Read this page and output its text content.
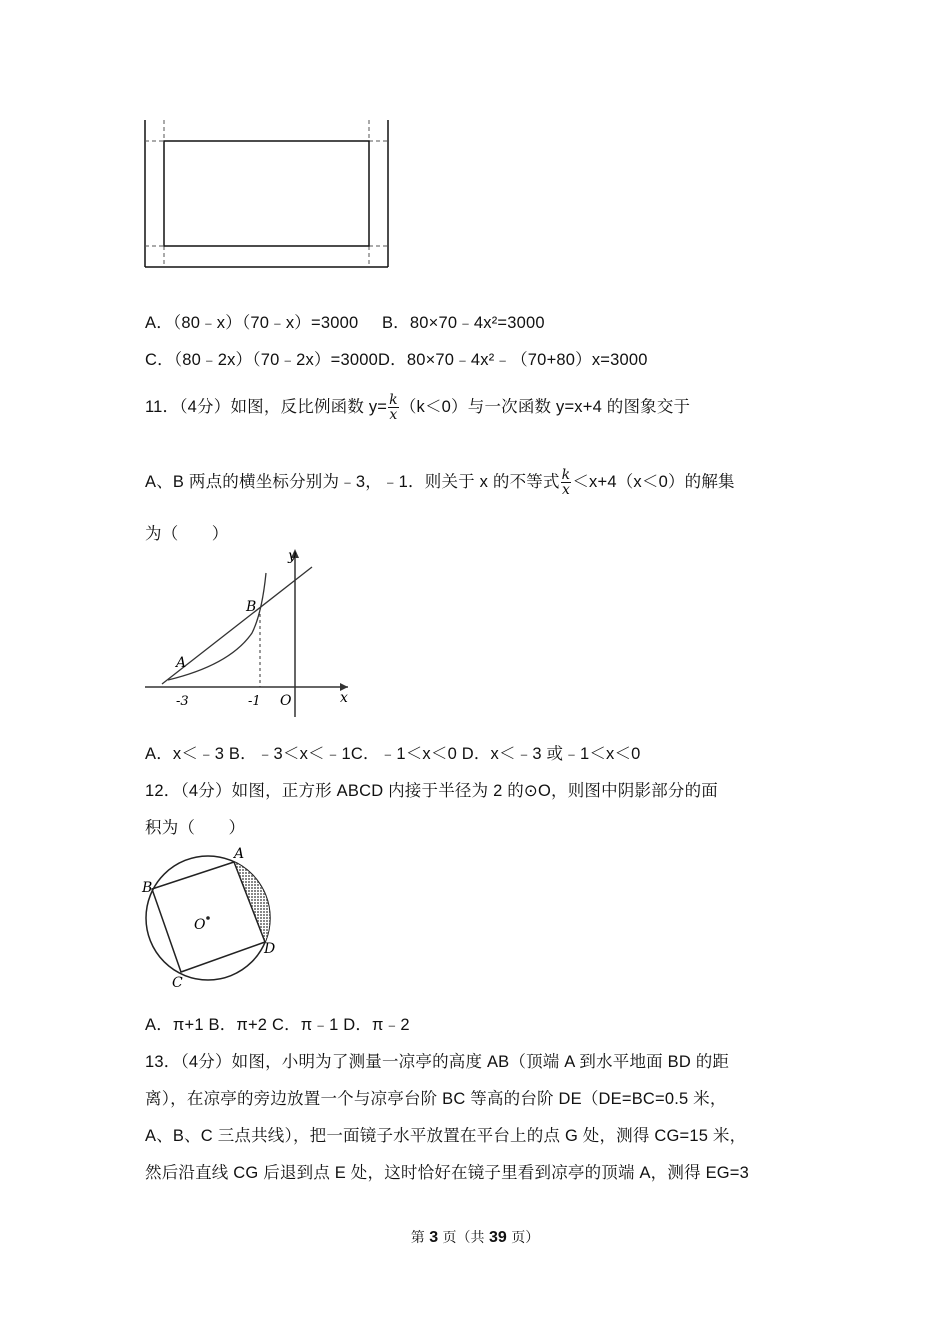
A．（80﹣x）（70﹣x）=3000 B．80×70﹣4x²=3000
C．（80﹣2x）（70﹣2x）=3000D．80×70﹣4x²﹣（70+80）x=3000
11．（4分）如图，反比例函数 $y= \frac{k}{x} (k<0)$与一次函数 y=x+4 的图象交于
A、B 两点的横坐标分别为﹣3，﹣1．则关于 x 的不等式 $\frac{k}{x} <x+4(x<0)$的解集
为（　　）
y
x
O
A
B
-3	-1
A．x＜﹣3 B．﹣3＜x＜﹣1C．﹣1＜x＜0 D．x＜﹣3 或﹣1＜x＜0
12．（4分）如图，正方形 ABCD 内接于半径为 2 的⊙O，则图中阴影部分的面
积为（　　）
A
B
C
D
O
A．π+1 B．π+2 C．π﹣1 D．π﹣2
13．（4分）如图，小明为了测量一凉亭的高度 AB（顶端 A 到水平地面 BD 的距
离），在凉亭的旁边放置一个与凉亭台阶 BC 等高的台阶 DE（DE=BC=0.5 米，
A、B、C 三点共线），把一面镜子水平放置在平台上的点 G 处，测得 CG=15 米，
然后沿直线 CG 后退到点 E 处，这时恰好在镜子里看到凉亭的顶端 A，测得 EG=3
第 3 页（共 39 页）
